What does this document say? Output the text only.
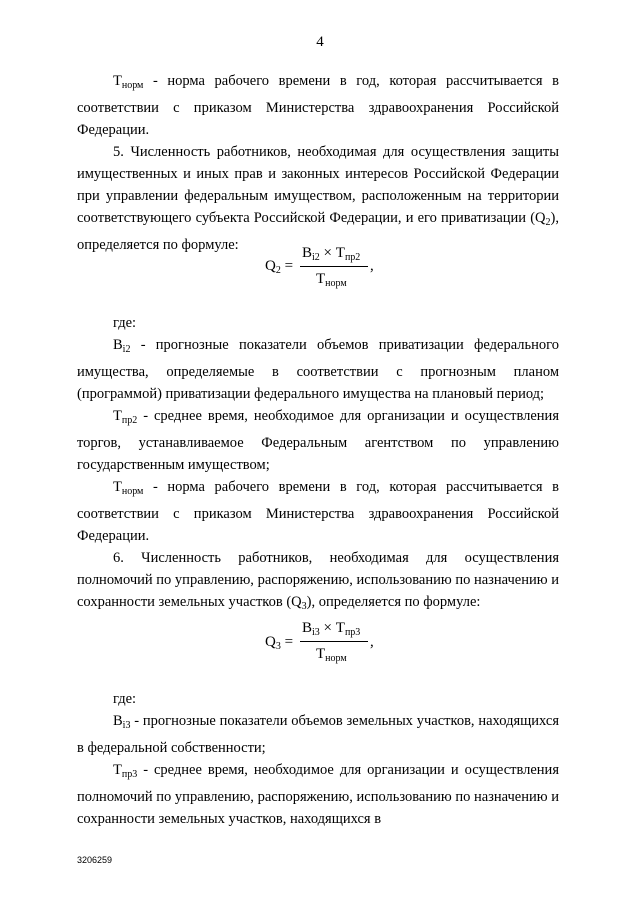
4

$Т_{норм}$ - норма рабочего времени в год, которая рассчитывается в соответствии с приказом Министерства здравоохранения Российской Федерации.

5. Численность работников, необходимая для осуществления защиты имущественных и иных прав и законных интересов Российской Федерации при управлении федеральным имуществом, расположенным на территории соответствующего субъекта Российской Федерации, и его приватизации $(Q_2)$, определяется по формуле:

$Q_2$ =
$В_{i2} \times Т_{пр2}$
$Т_{норм}$
,

где:

$В_{i2}$ - прогнозные показатели объемов приватизации федерального имущества, определяемые в соответствии с прогнозным планом (программой) приватизации федерального имущества на плановый период;

$Т_{пр2}$ - среднее время, необходимое для организации и осуществления торгов, устанавливаемое Федеральным агентством по управлению государственным имуществом;

$Т_{норм}$ - норма рабочего времени в год, которая рассчитывается в соответствии с приказом Министерства здравоохранения Российской Федерации.

6. Численность работников, необходимая для осуществления полномочий по управлению, распоряжению, использованию по назначению и сохранности земельных участков $(Q_3)$, определяется по формуле:

$Q_3$ =
$В_{i3} \times Т_{пр3}$
$Т_{норм}$
,

где:

$В_{i3}$ - прогнозные показатели объемов земельных участков, находящихся в федеральной собственности;

$Т_{пр3}$ - среднее время, необходимое для организации и осуществления полномочий по управлению, распоряжению, использованию по назначению и сохранности земельных участков, находящихся в

3206259
